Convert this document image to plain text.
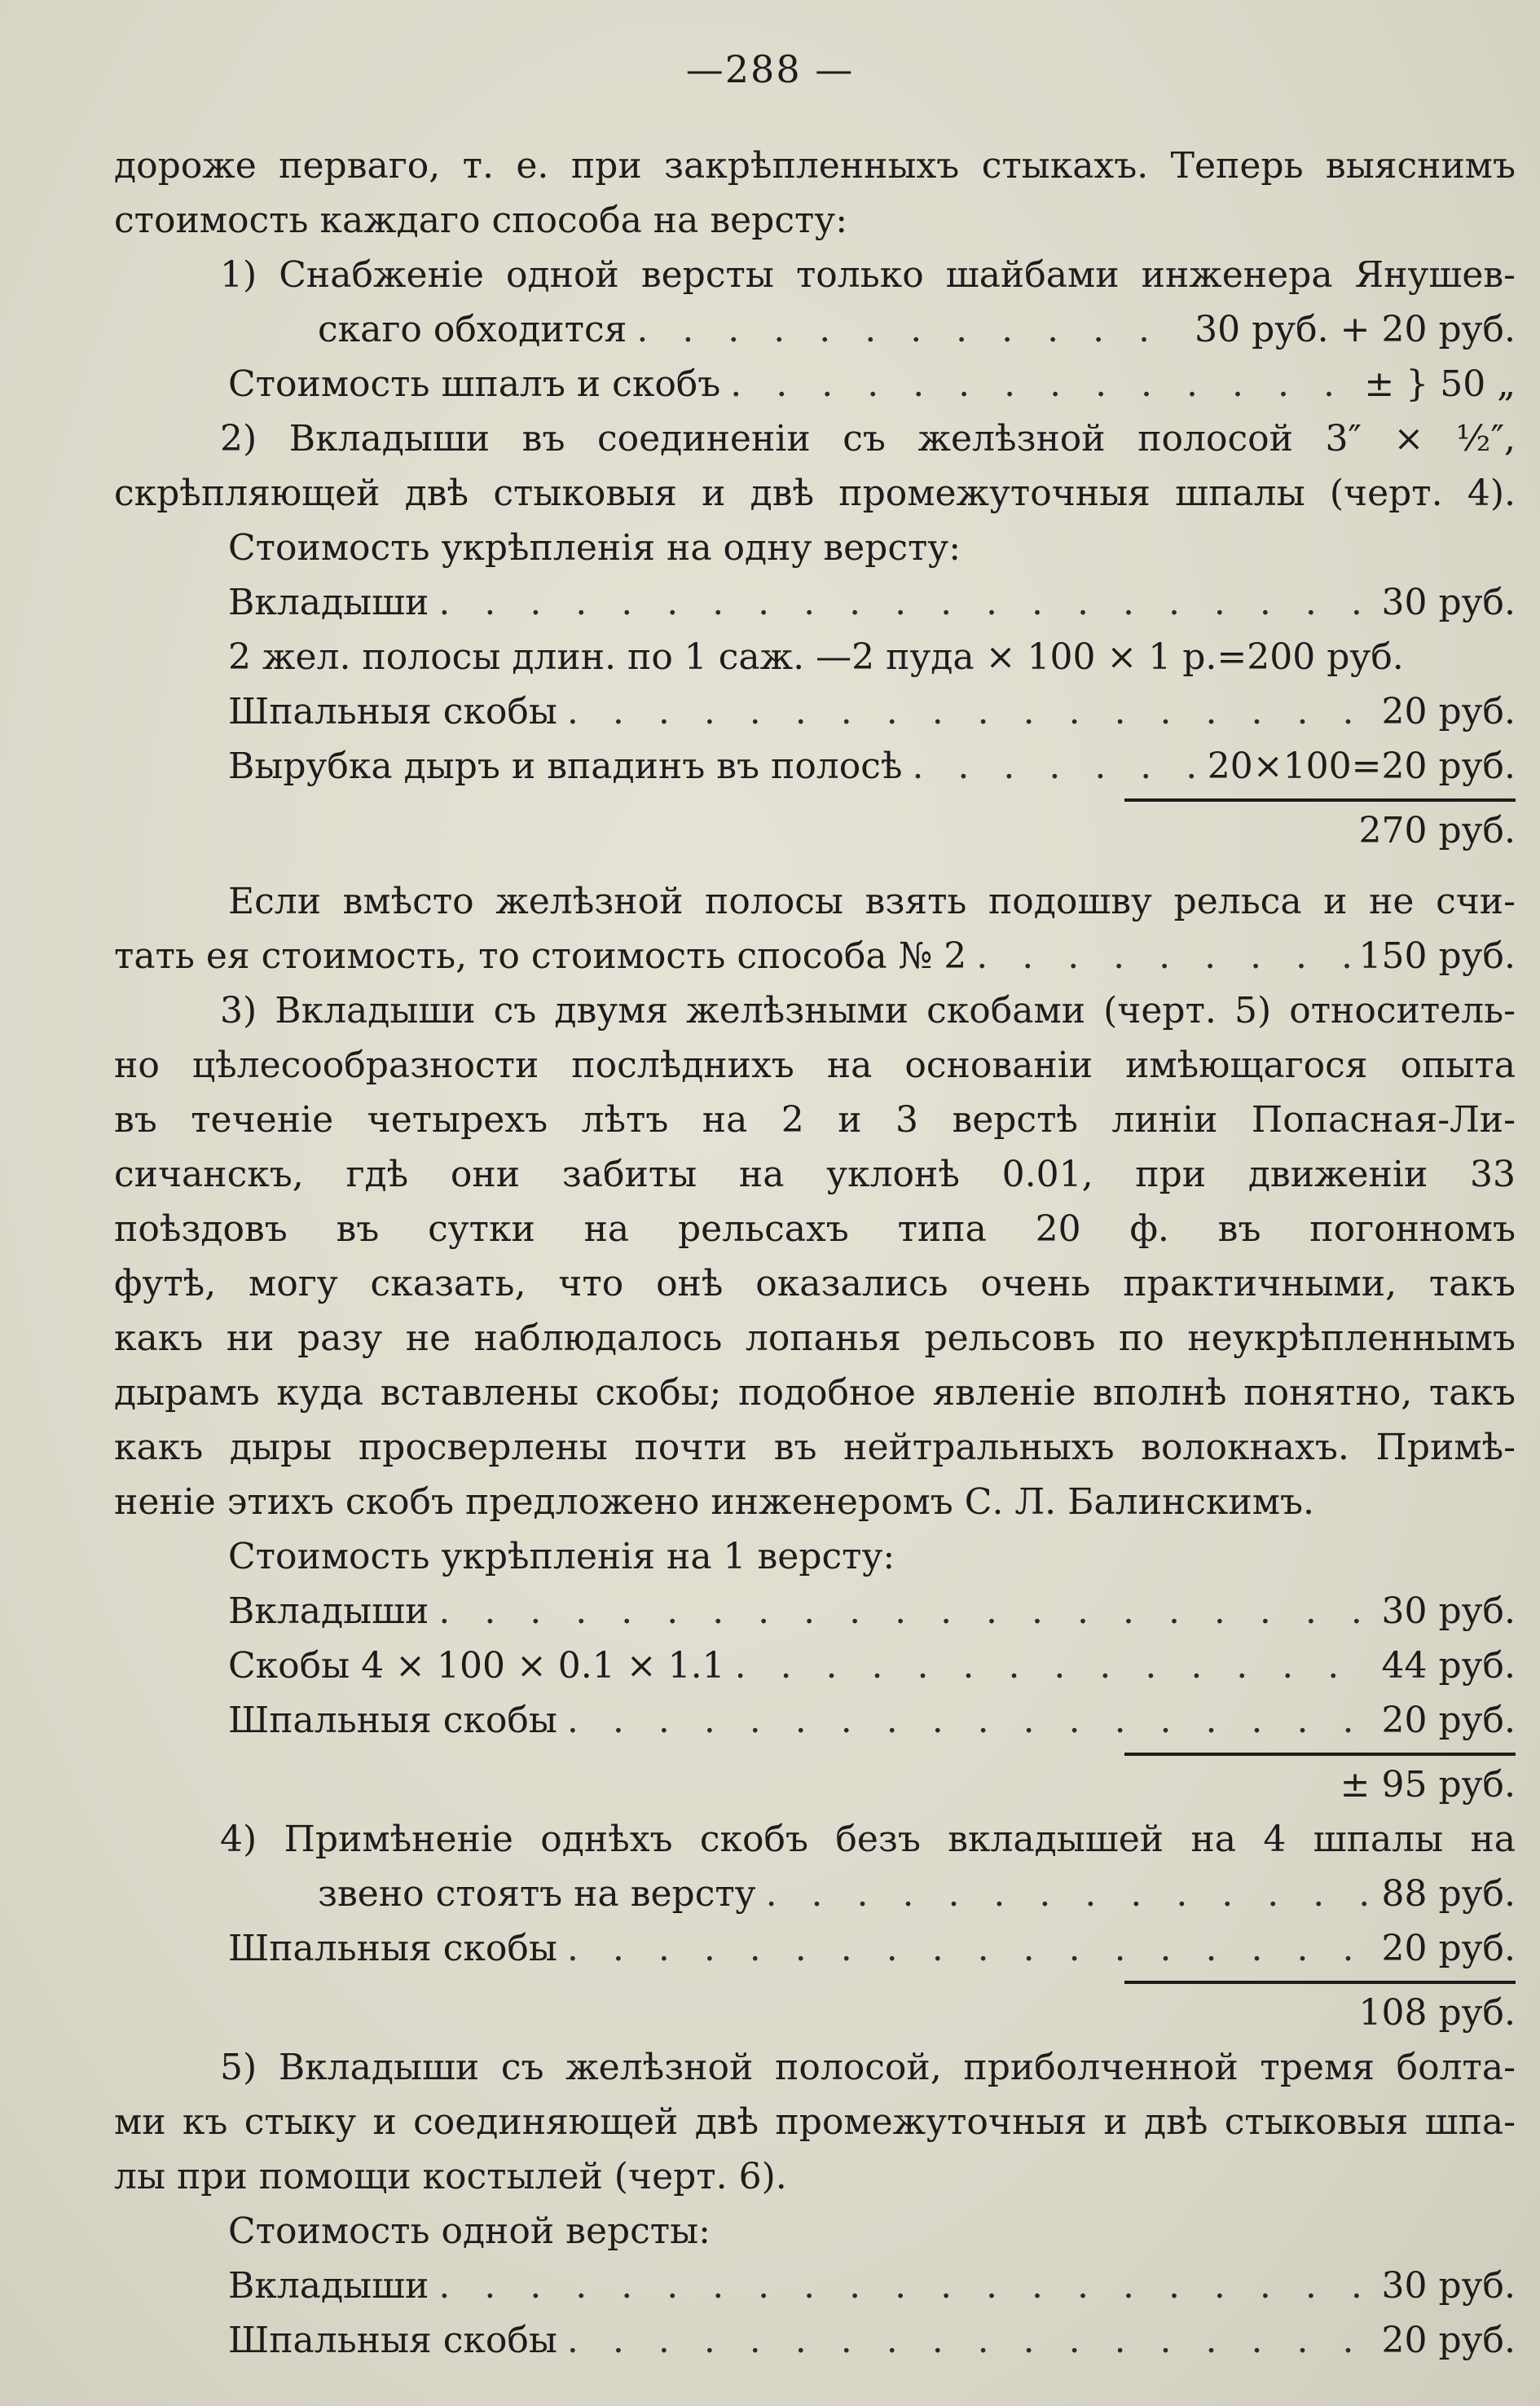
—288 —
дороже перваго, т. е. при закрѣпленныхъ стыкахъ. Теперь выяснимъ
стоимость каждаго способа на версту:
1) Снабженіе одной версты только шайбами инженера Янушев-
скаго обходится . . .	30 руб. + 20 руб.
Стоимость шпалъ и скобъ . . .	± } 50 „
2) Вкладыши въ соединеніи съ желѣзной полосой 3″ × ½″,
скрѣпляющей двѣ стыковыя и двѣ промежуточныя шпалы (черт. 4).
Стоимость укрѣпленія на одну версту:
Вкладыши . . .	30 руб.
2 жел. полосы длин. по 1 саж. —2 пуда × 100 × 1 р. =200 руб.
Шпальныя скобы . . .	20 руб.
Вырубка дыръ и впадинъ въ полосѣ . . .	20×100=20 руб.
270 руб.
Если вмѣсто желѣзной полосы взять подошву рельса и не счи-
тать ея стоимость, то стоимость способа № 2 . . .	150 руб.
3) Вкладыши съ двумя желѣзными скобами (черт. 5) относитель-
но цѣлесообразности послѣднихъ на основаніи имѣющагося опыта
въ теченіе четырехъ лѣтъ на 2 и 3 верстѣ линіи Попасная-Ли-
сичанскъ, гдѣ они забиты на уклонѣ 0.01, при движеніи 33
поѣздовъ въ сутки на рельсахъ типа 20 ф. въ погонномъ
футѣ, могу сказать, что онѣ оказались очень практичными, такъ
какъ ни разу не наблюдалось лопанья рельсовъ по неукрѣпленнымъ
дырамъ куда вставлены скобы; подобное явленіе вполнѣ понятно, такъ
какъ дыры просверлены почти въ нейтральныхъ волокнахъ. Примѣ-
неніе этихъ скобъ предложено инженеромъ С. Л. Балинскимъ.
Стоимость укрѣпленія на 1 версту:
Вкладыши . . .	30 руб.
Скобы 4 × 100 × 0.1 × 1.1 . . .	44 руб.
Шпальныя скобы . . .	20 руб.
± 95 руб.
4) Примѣненіе однѣхъ скобъ безъ вкладышей на 4 шпалы на
звено стоятъ на версту . . .	88 руб.
Шпальныя скобы . . .	20 руб.
108 руб.
5) Вкладыши съ желѣзной полосой, приболченной тремя болта-
ми къ стыку и соединяющей двѣ промежуточныя и двѣ стыковыя шпа-
лы при помощи костылей (черт. 6).
Стоимость одной версты:
Вкладыши . . .	30 руб.
Шпальныя скобы . . .	20 руб.
